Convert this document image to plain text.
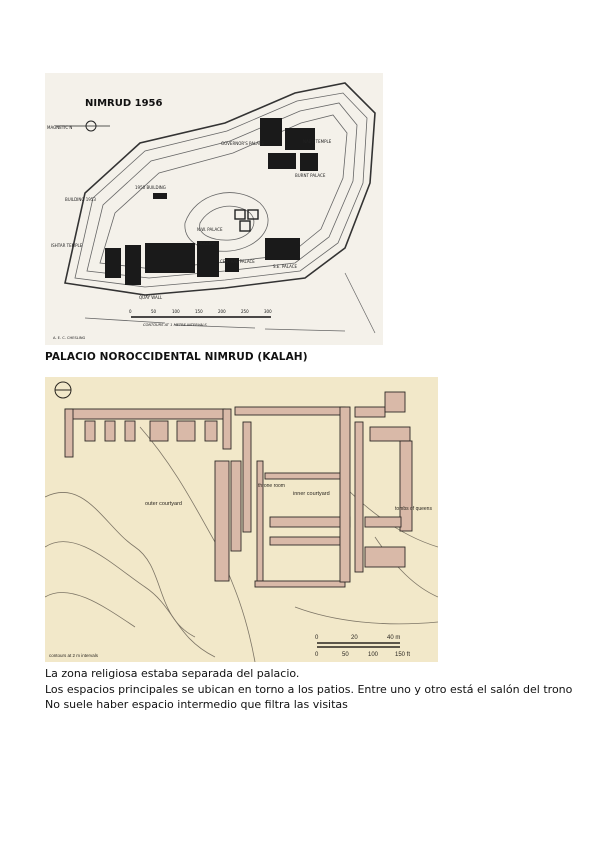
NIMRUD 1956
MAGNETIC N
GOVERNOR'S PALACE	NABU TEMPLE
BURNT PALACE
1950 BUILDING
BUILDING 1953
N.W. PALACE
ZIGGURAT
ISHTAR TEMPLE
CENTRAL PALACE
S.E. PALACE
QUAY WALL
0	50	100	150	200	250	300
CONTOURS AT 1 METRE INTERVALS
A. E. C. CHESLING
PALACIO NOROCCIDENTAL NIMRUD (KALAH)
outer courtyard
throne room
inner courtyard
tombs of queens
0	20	40 m
0	50	100	150 ft
contours at 2 m intervals

La zona religiosa estaba separada del palacio.

Los espacios principales se ubican en torno a los patios. Entre uno y otro está el salón del trono

No suele haber espacio intermedio que filtra las visitas
